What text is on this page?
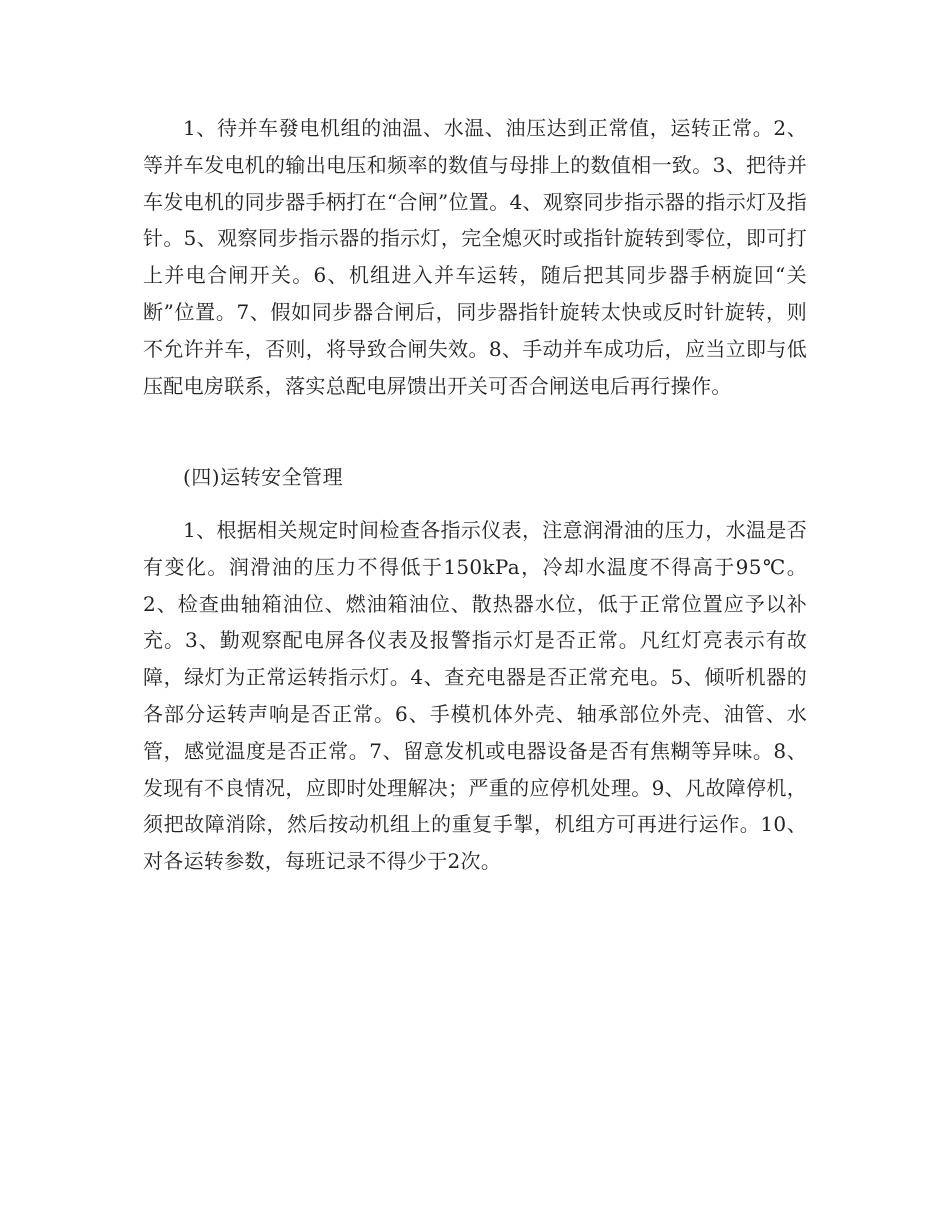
1、待并车發电机组的油温、水温、油压达到正常值，运转正常。2、等并车发电机的输出电压和频率的数值与母排上的数值相一致。3、把待并车发电机的同步器手柄打在“合闸”位置。4、观察同步指示器的指示灯及指针。5、观察同步指示器的指示灯，完全熄灭时或指针旋转到零位，即可打上并电合闸开关。6、机组进入并车运转，随后把其同步器手柄旋回“关断”位置。7、假如同步器合闸后，同步器指针旋转太快或反时针旋转，则不允许并车，否则，将导致合闸失效。8、手动并车成功后，应当立即与低压配电房联系，落实总配电屏馈出开关可否合闸送电后再行操作。

(四)运转安全管理

1、根据相关规定时间检查各指示仪表，注意润滑油的压力，水温是否有变化。润滑油的压力不得低于150kPa，冷却水温度不得高于95℃。2、检查曲轴箱油位、燃油箱油位、散热器水位，低于正常位置应予以补充。3、勤观察配电屏各仪表及报警指示灯是否正常。凡红灯亮表示有故障，绿灯为正常运转指示灯。4、查充电器是否正常充电。5、倾听机器的各部分运转声响是否正常。6、手模机体外壳、轴承部位外壳、油管、水管，感觉温度是否正常。7、留意发机或电器设备是否有焦糊等异味。8、发现有不良情况，应即时处理解决；严重的应停机处理。9、凡故障停机，须把故障消除，然后按动机组上的重复手掣，机组方可再进行运作。10、对各运转参数，每班记录不得少于2次。
